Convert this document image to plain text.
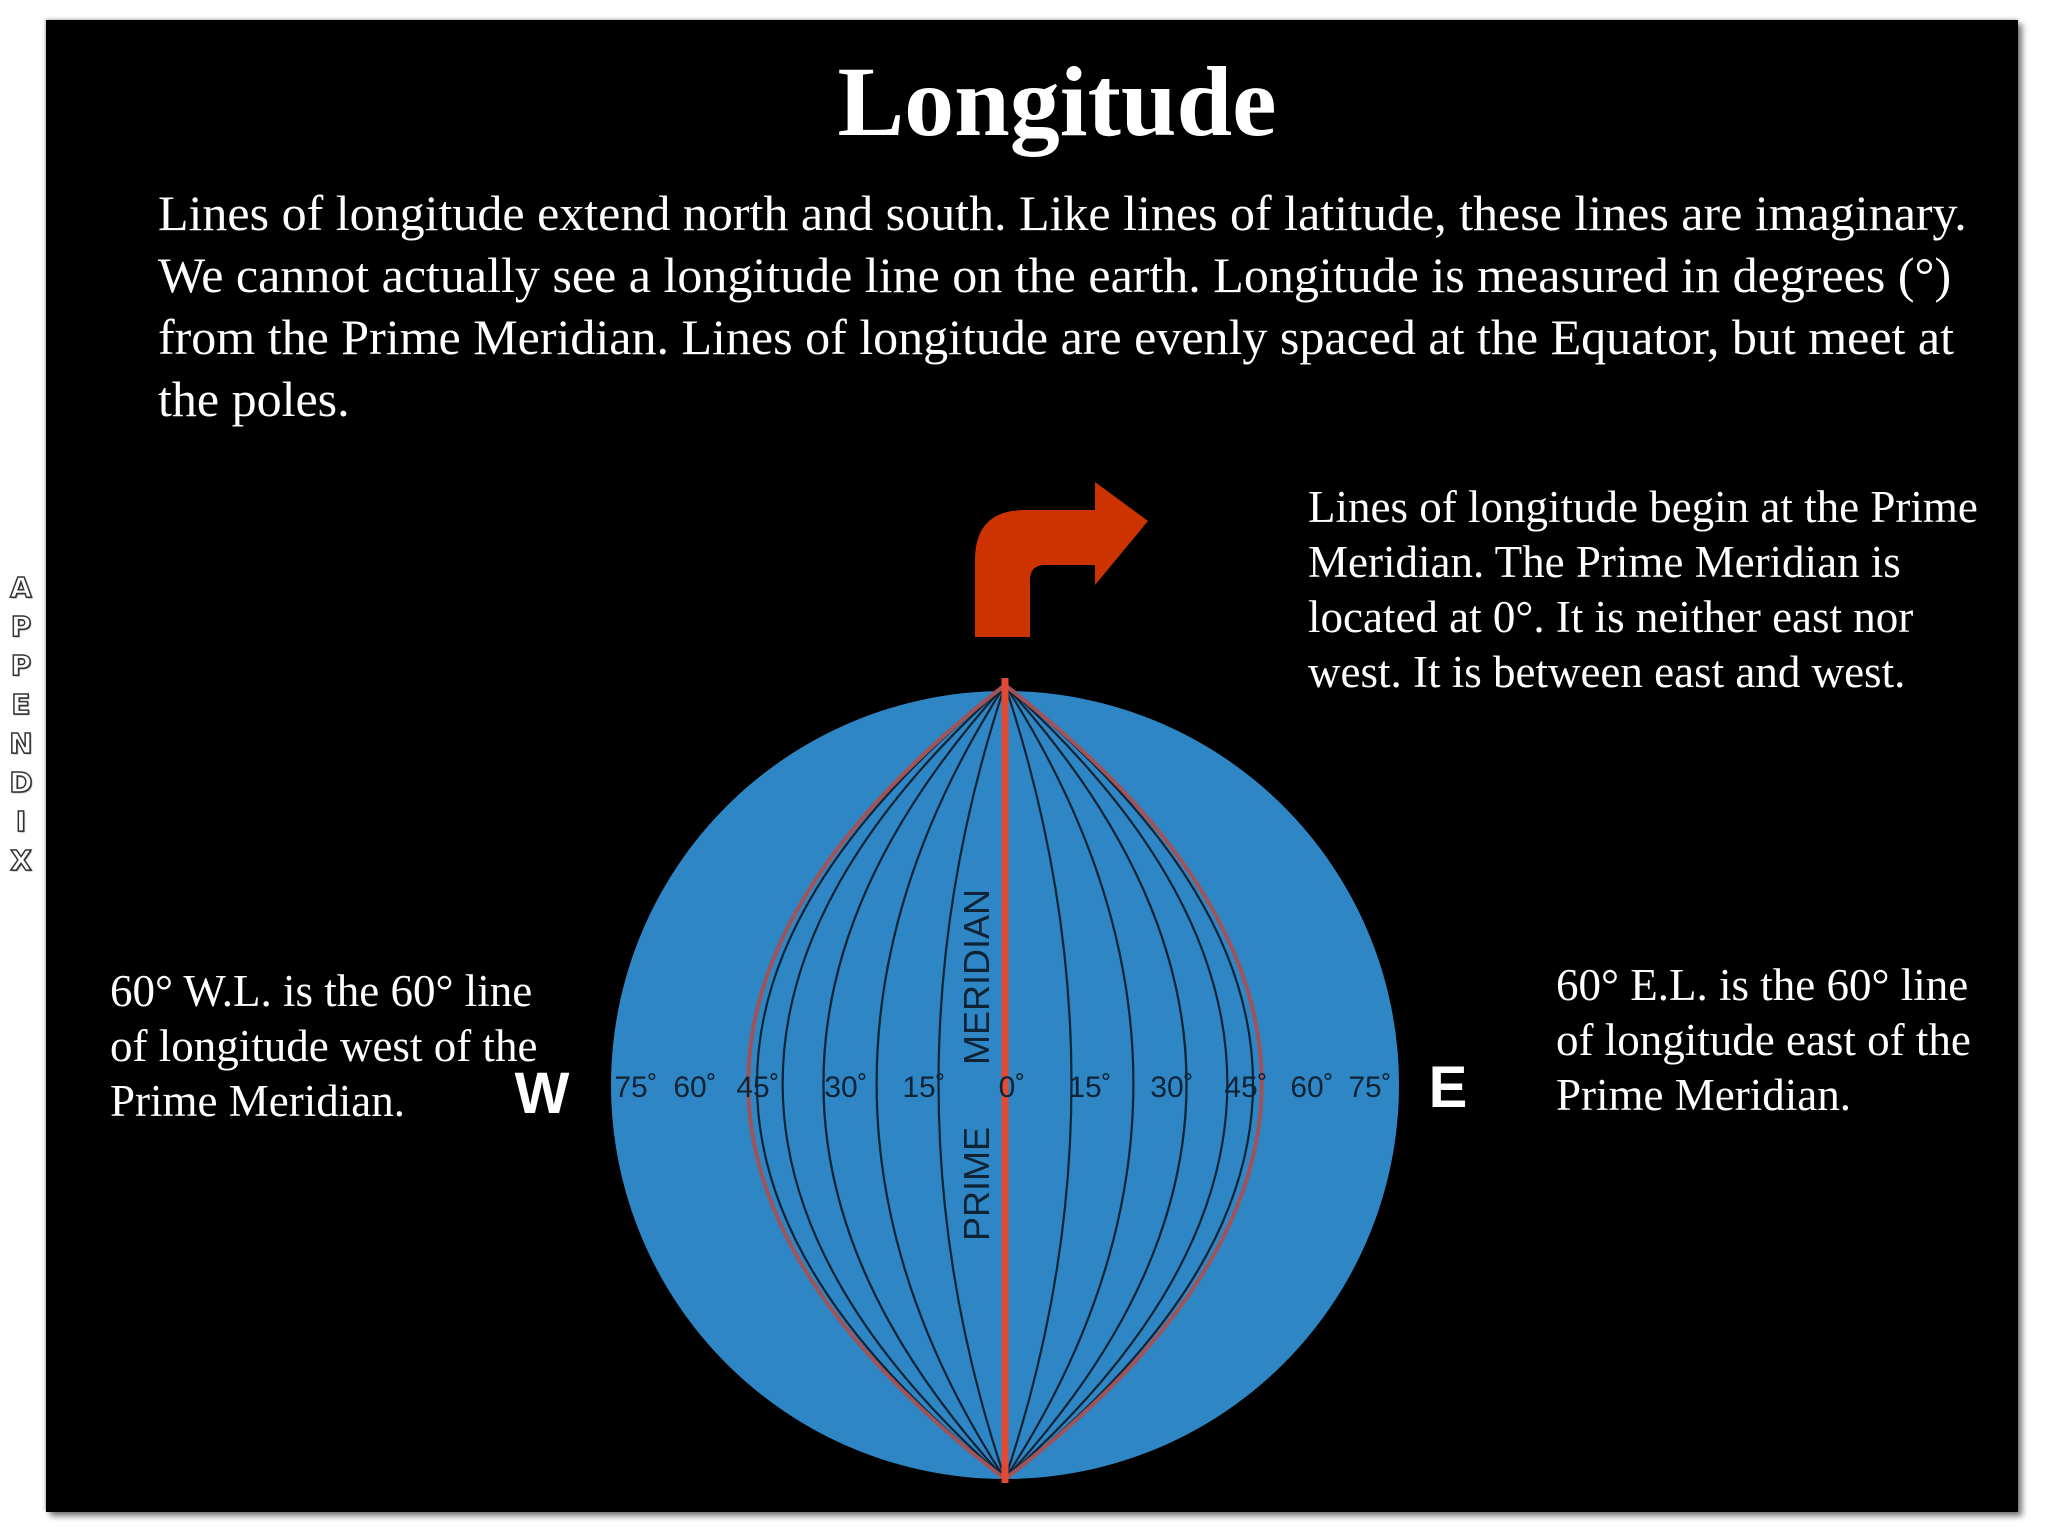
A
P
P
E
N
D
I
X
Longitude

Lines of longitude extend north and south. Like lines of latitude, these lines are imaginary. We cannot actually see a longitude line on the earth. Longitude is measured in degrees (°) from the Prime Meridian. Lines of longitude are evenly spaced at the Equator, but meet at the poles.

Lines of longitude begin at the Prime Meridian. The Prime Meridian is located at 0°. It is neither east nor west. It is between east and west.

60° W.L. is the 60° line of longitude west of the Prime Meridian.

60° E.L. is the 60° line of longitude east of the Prime Meridian.

MERIDIAN
PRIME
75˚ 60˚ 45˚ 30˚ 15˚ 0˚ 15˚ 30˚ 45˚ 60˚ 75˚
W	E
